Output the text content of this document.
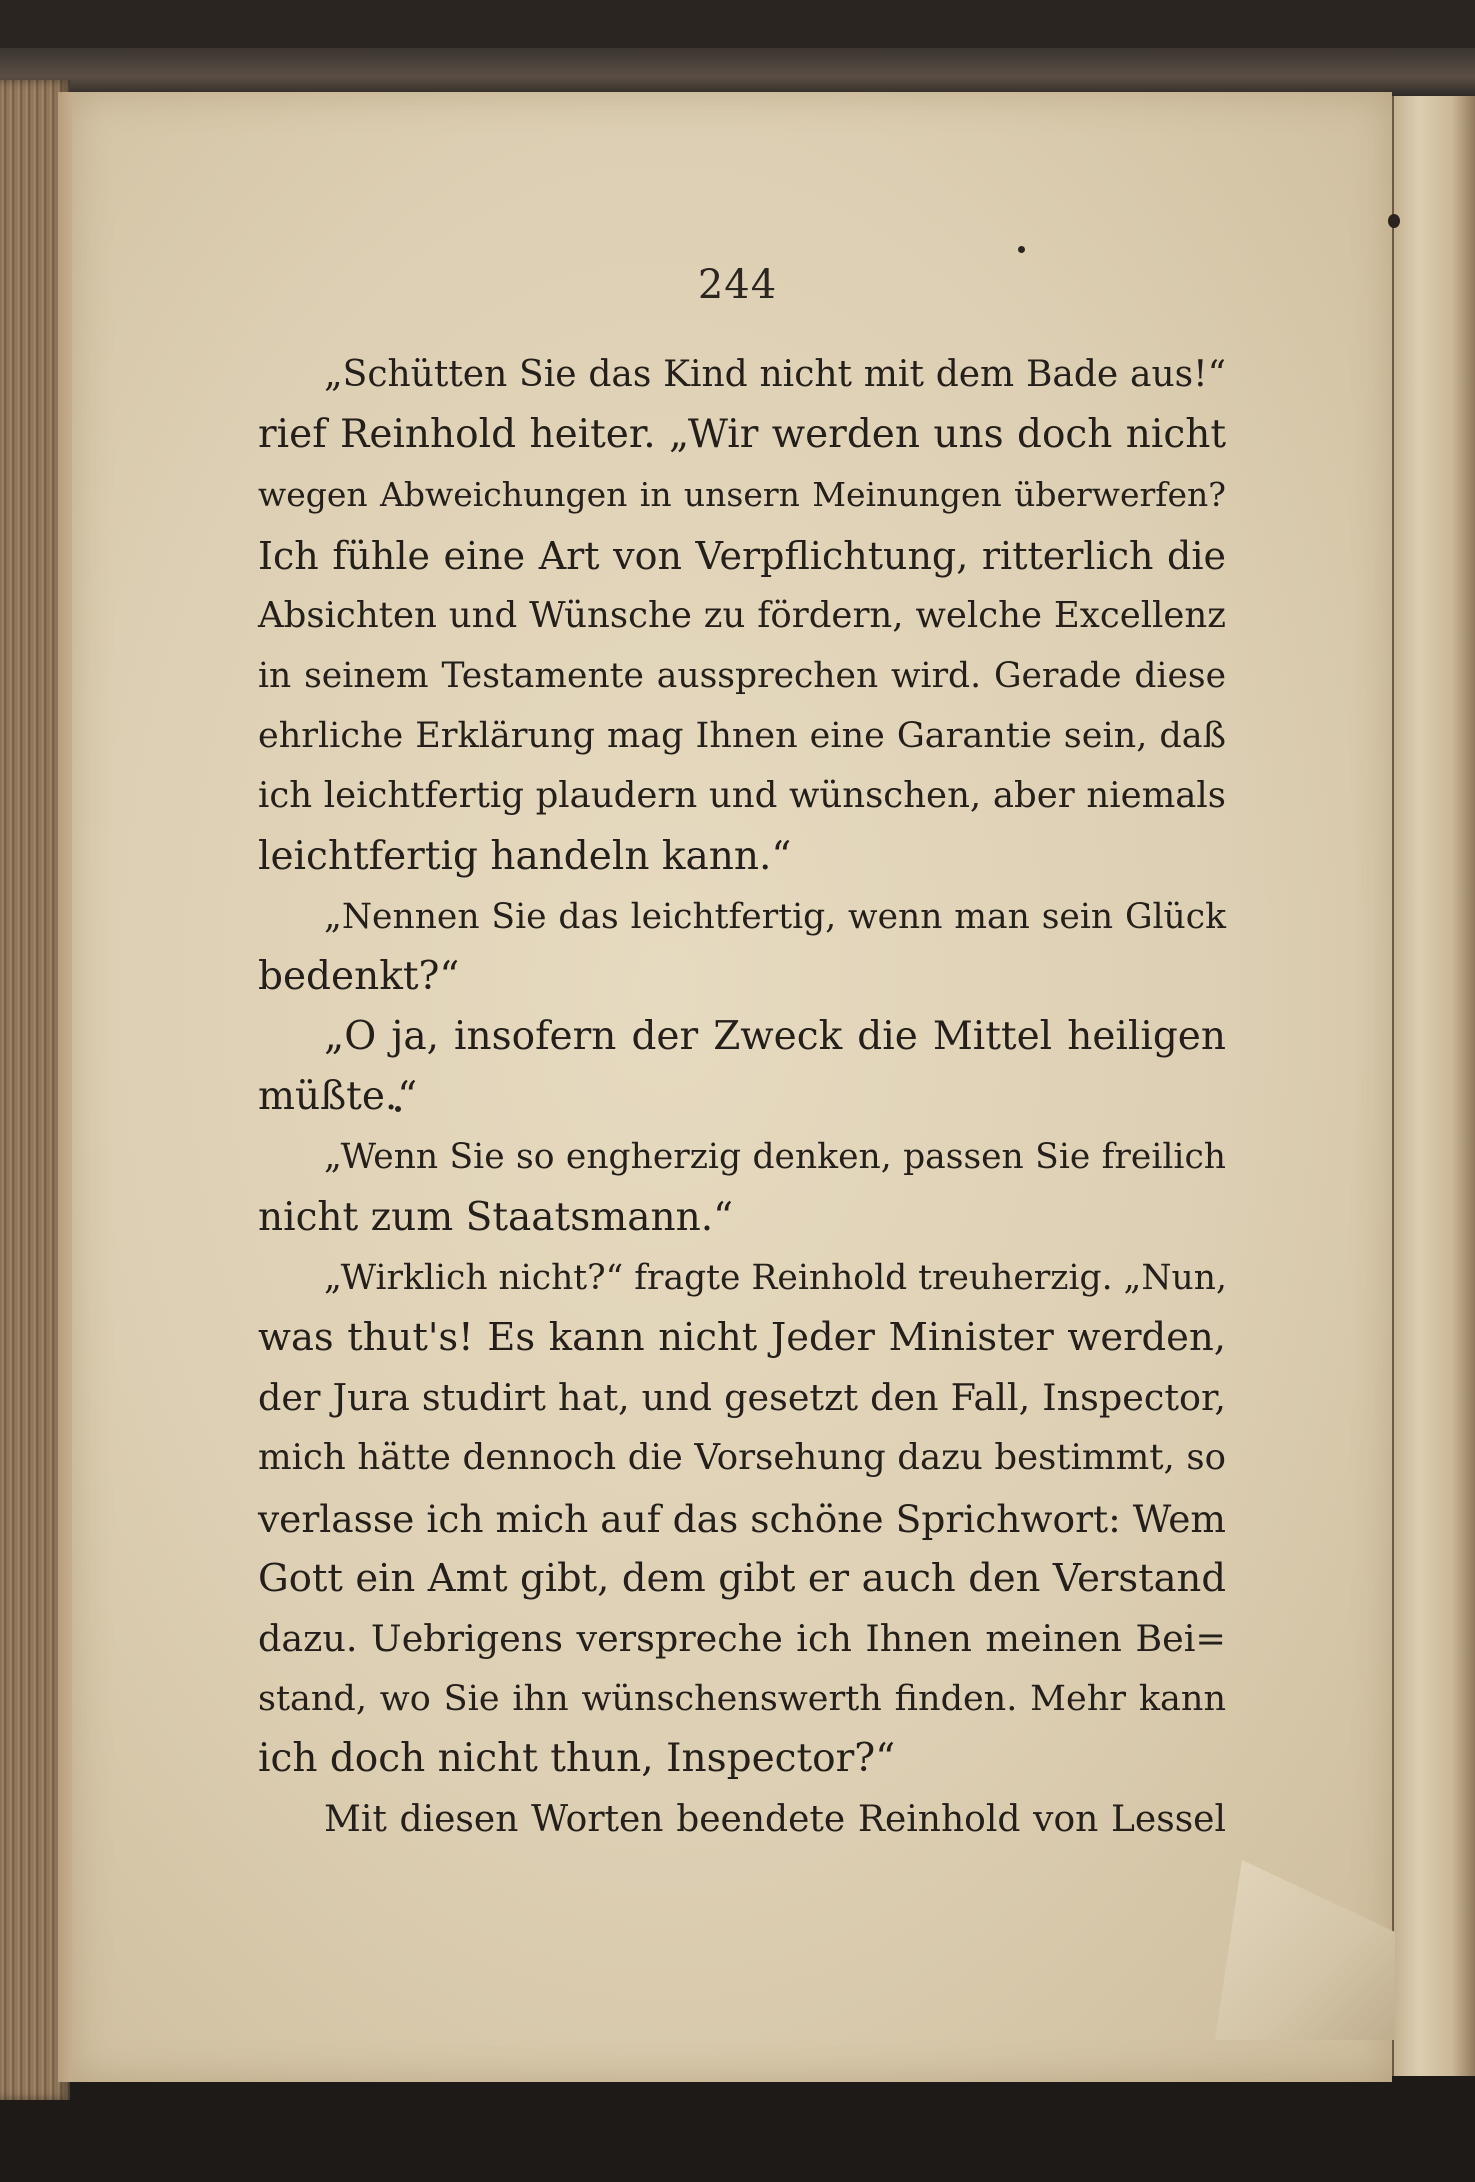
244
„Schütten Sie das Kind nicht mit dem Bade aus!“
rief Reinhold heiter. „Wir werden uns doch nicht
wegen Abweichungen in unsern Meinungen überwerfen?
Ich fühle eine Art von Verpflichtung, ritterlich die
Absichten und Wünsche zu fördern, welche Excellenz
in seinem Testamente aussprechen wird. Gerade diese
ehrliche Erklärung mag Ihnen eine Garantie sein, daß
ich leichtfertig plaudern und wünschen, aber niemals
leichtfertig handeln kann.“
„Nennen Sie das leichtfertig, wenn man sein Glück
bedenkt?“
„O ja, insofern der Zweck die Mittel heiligen
müßte.“
„Wenn Sie so engherzig denken, passen Sie freilich
nicht zum Staatsmann.“
„Wirklich nicht?“ fragte Reinhold treuherzig. „Nun,
was thut's! Es kann nicht Jeder Minister werden,
der Jura studirt hat, und gesetzt den Fall, Inspector,
mich hätte dennoch die Vorsehung dazu bestimmt, so
verlasse ich mich auf das schöne Sprichwort: Wem
Gott ein Amt gibt, dem gibt er auch den Verstand
dazu. Uebrigens verspreche ich Ihnen meinen Bei=
stand, wo Sie ihn wünschenswerth finden. Mehr kann
ich doch nicht thun, Inspector?“
Mit diesen Worten beendete Reinhold von Lessel
